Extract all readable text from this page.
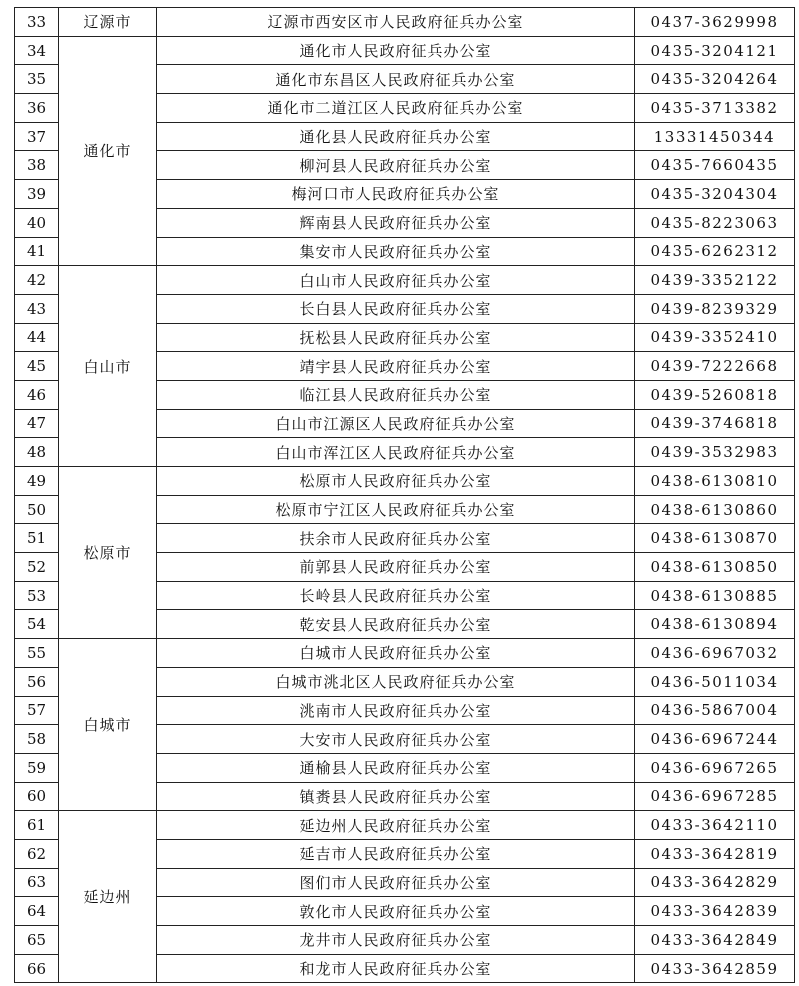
33	辽源市	辽源市西安区市人民政府征兵办公室	0437-3629998
34	通化市	通化市人民政府征兵办公室	0435-3204121
35		通化市东昌区人民政府征兵办公室	0435-3204264
36		通化市二道江区人民政府征兵办公室	0435-3713382
37		通化县人民政府征兵办公室	13331450344
38		柳河县人民政府征兵办公室	0435-7660435
39		梅河口市人民政府征兵办公室	0435-3204304
40		辉南县人民政府征兵办公室	0435-8223063
41		集安市人民政府征兵办公室	0435-6262312
42	白山市	白山市人民政府征兵办公室	0439-3352122
43		长白县人民政府征兵办公室	0439-8239329
44		抚松县人民政府征兵办公室	0439-3352410
45		靖宇县人民政府征兵办公室	0439-7222668
46		临江县人民政府征兵办公室	0439-5260818
47		白山市江源区人民政府征兵办公室	0439-3746818
48		白山市浑江区人民政府征兵办公室	0439-3532983
49	松原市	松原市人民政府征兵办公室	0438-6130810
50		松原市宁江区人民政府征兵办公室	0438-6130860
51		扶余市人民政府征兵办公室	0438-6130870
52		前郭县人民政府征兵办公室	0438-6130850
53		长岭县人民政府征兵办公室	0438-6130885
54		乾安县人民政府征兵办公室	0438-6130894
55	白城市	白城市人民政府征兵办公室	0436-6967032
56		白城市洮北区人民政府征兵办公室	0436-5011034
57		洮南市人民政府征兵办公室	0436-5867004
58		大安市人民政府征兵办公室	0436-6967244
59		通榆县人民政府征兵办公室	0436-6967265
60		镇赉县人民政府征兵办公室	0436-6967285
61	延边州	延边州人民政府征兵办公室	0433-3642110
62		延吉市人民政府征兵办公室	0433-3642819
63		图们市人民政府征兵办公室	0433-3642829
64		敦化市人民政府征兵办公室	0433-3642839
65		龙井市人民政府征兵办公室	0433-3642849
66		和龙市人民政府征兵办公室	0433-3642859
